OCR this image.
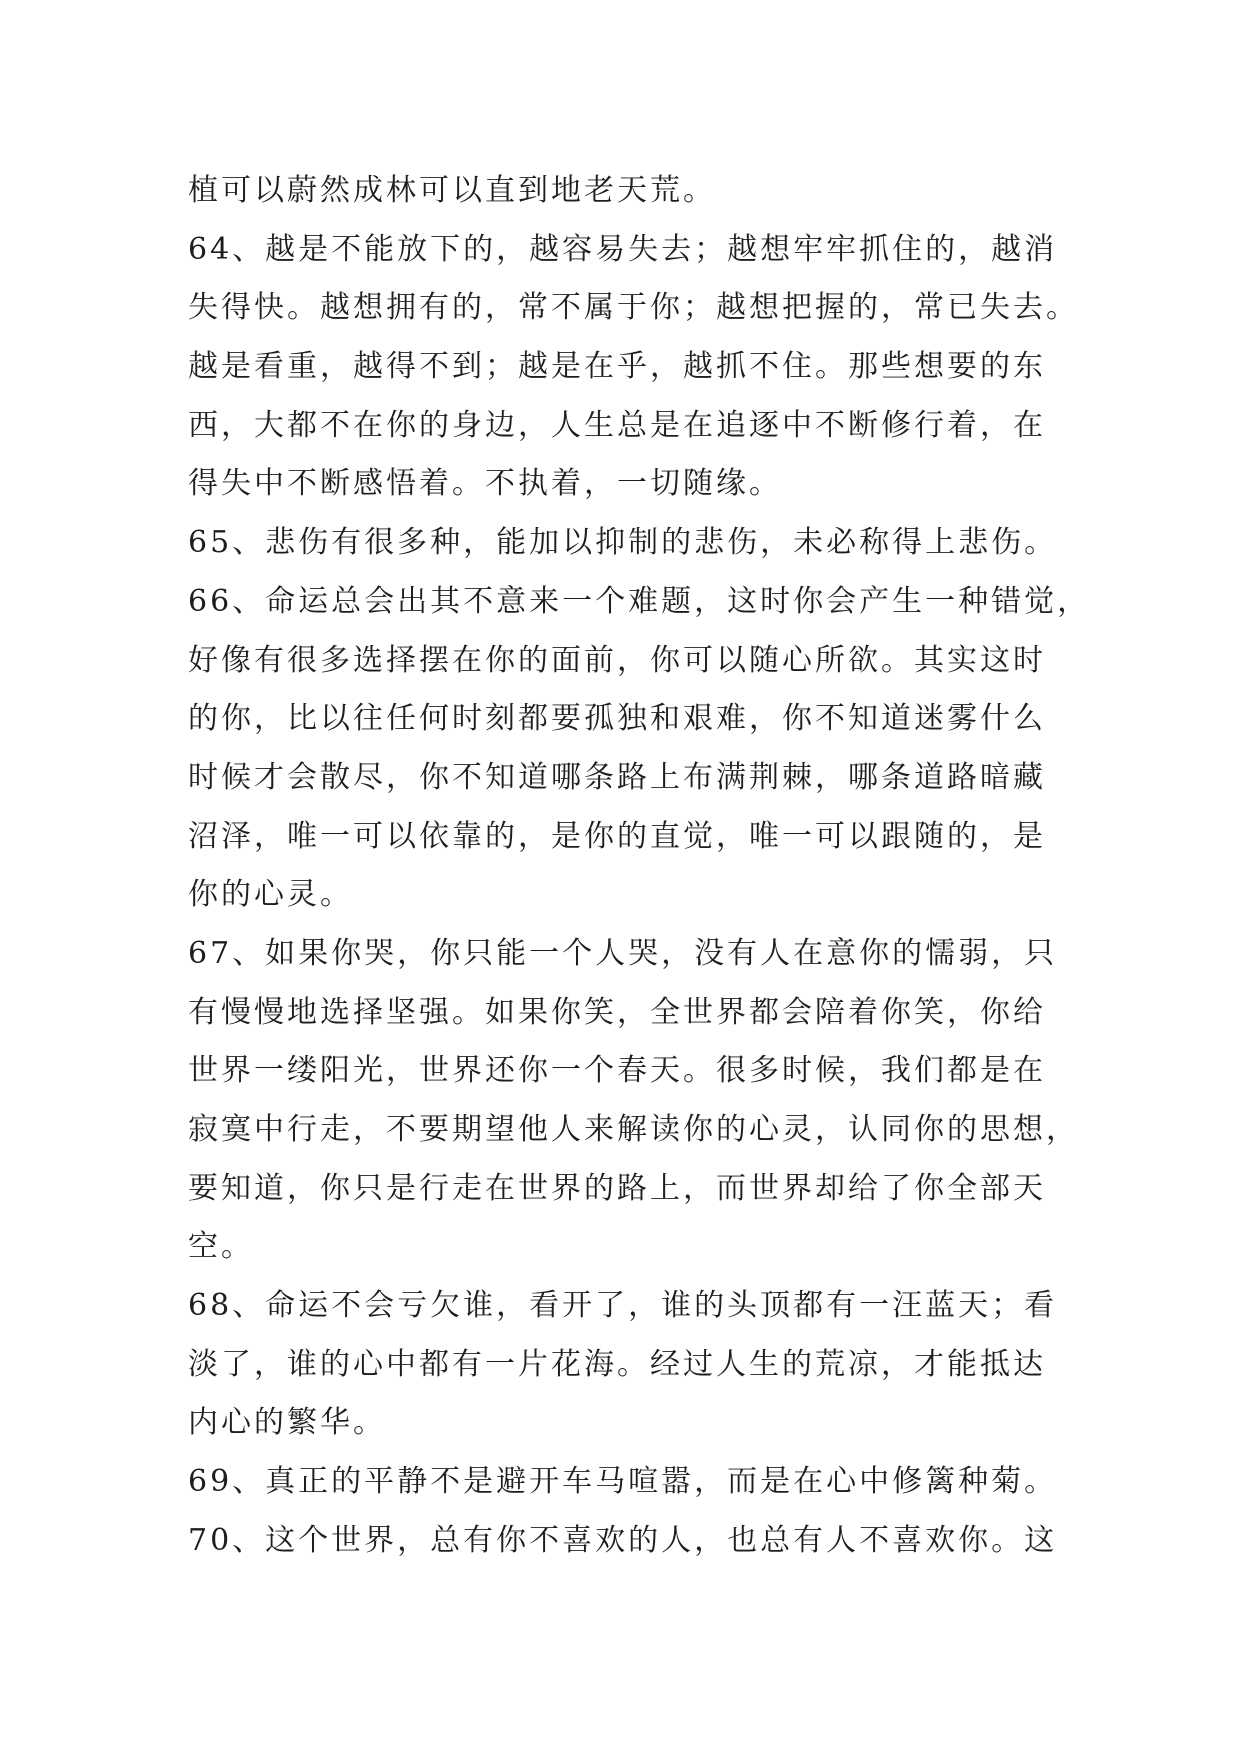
植可以蔚然成林可以直到地老天荒。
64、越是不能放下的，越容易失去；越想牢牢抓住的，越消
失得快。越想拥有的，常不属于你；越想把握的，常已失去。
越是看重，越得不到；越是在乎，越抓不住。那些想要的东
西，大都不在你的身边，人生总是在追逐中不断修行着，在
得失中不断感悟着。不执着，一切随缘。
65、悲伤有很多种，能加以抑制的悲伤，未必称得上悲伤。
66、命运总会出其不意来一个难题，这时你会产生一种错觉，
好像有很多选择摆在你的面前，你可以随心所欲。其实这时
的你，比以往任何时刻都要孤独和艰难，你不知道迷雾什么
时候才会散尽，你不知道哪条路上布满荆棘，哪条道路暗藏
沼泽，唯一可以依靠的，是你的直觉，唯一可以跟随的，是
你的心灵。
67、如果你哭，你只能一个人哭，没有人在意你的懦弱，只
有慢慢地选择坚强。如果你笑，全世界都会陪着你笑，你给
世界一缕阳光，世界还你一个春天。很多时候，我们都是在
寂寞中行走，不要期望他人来解读你的心灵，认同你的思想，
要知道，你只是行走在世界的路上，而世界却给了你全部天
空。
68、命运不会亏欠谁，看开了，谁的头顶都有一汪蓝天；看
淡了，谁的心中都有一片花海。经过人生的荒凉，才能抵达
内心的繁华。
69、真正的平静不是避开车马喧嚣，而是在心中修篱种菊。
70、这个世界，总有你不喜欢的人，也总有人不喜欢你。这
